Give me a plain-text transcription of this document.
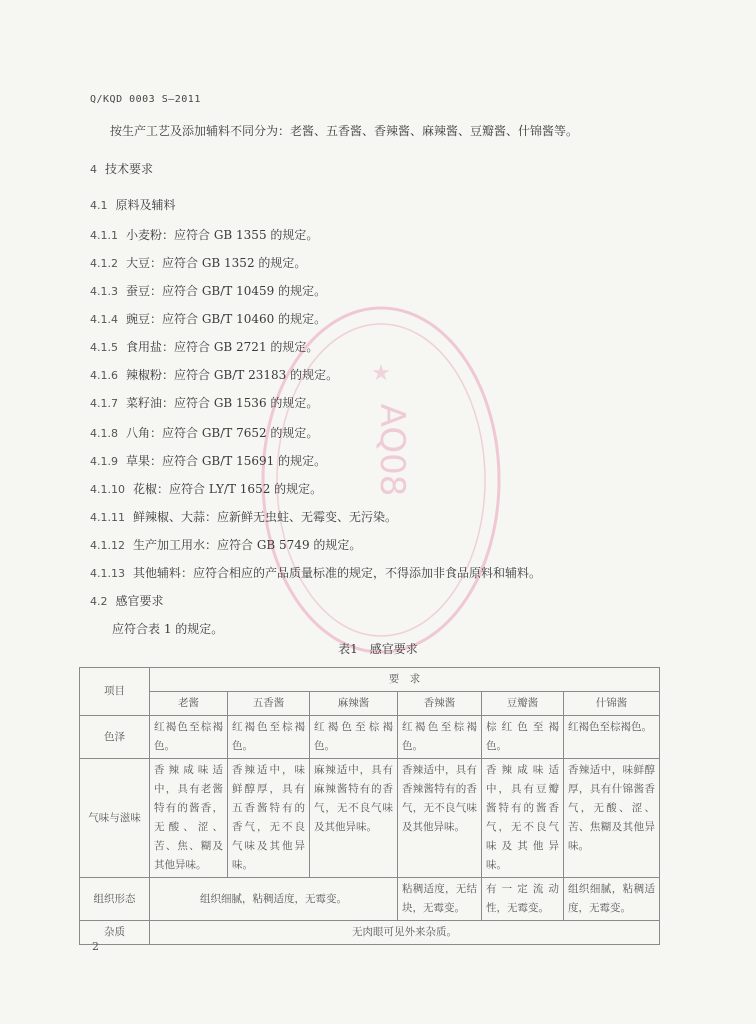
AQ08
★
Q/KQD 0003 S—2011
按生产工艺及添加辅料不同分为：老酱、五香酱、香辣酱、麻辣酱、豆瓣酱、什锦酱等。
4 技术要求
4.1 原料及辅料
4.1.1 小麦粉：应符合 GB 1355 的规定。
4.1.2 大豆：应符合 GB 1352 的规定。
4.1.3 蚕豆：应符合 GB/T 10459 的规定。
4.1.4 豌豆：应符合 GB/T 10460 的规定。
4.1.5 食用盐：应符合 GB 2721 的规定。
4.1.6 辣椒粉：应符合 GB/T 23183 的规定。
4.1.7 菜籽油：应符合 GB 1536 的规定。
4.1.8 八角：应符合 GB/T 7652 的规定。
4.1.9 草果：应符合 GB/T 15691 的规定。
4.1.10 花椒：应符合 LY/T 1652 的规定。
4.1.11 鲜辣椒、大蒜：应新鲜无虫蛀、无霉变、无污染。
4.1.12 生产加工用水：应符合 GB 5749 的规定。
4.1.13 其他辅料：应符合相应的产品质量标准的规定，不得添加非食品原料和辅料。
4.2 感官要求
应符合表 1 的规定。
表1　感官要求
项目	要　求					
	老酱	五香酱	麻辣酱	香辣酱	豆瓣酱	什锦酱
色泽	红褐色至棕褐色。	红褐色至棕褐色。	红褐色至棕褐色。	红褐色至棕褐色。	棕红色至褐色。	红褐色至棕褐色。
气味与滋味	香辣咸味适中，具有老酱特有的酱香，无酸、涩、苦、焦、糊及其他异味。	香辣适中，味鲜醇厚，具有五香酱特有的香气，无不良气味及其他异味。	麻辣适中，具有麻辣酱特有的香气，无不良气味及其他异味。	香辣适中，具有香辣酱特有的香气，无不良气味及其他异味。	香辣咸味适中，具有豆瓣酱特有的酱香气，无不良气味及其他异味。	香辣适中，味鲜醇厚，具有什锦酱香气，无酸、涩、苦、焦糊及其他异味。
组织形态	组织细腻，粘稠适度，无霉变。			粘稠适度，无结块，无霉变。	有一定流动性，无霉变。	组织细腻，粘稠适度，无霉变。
杂质	无肉眼可见外来杂质。					
2
